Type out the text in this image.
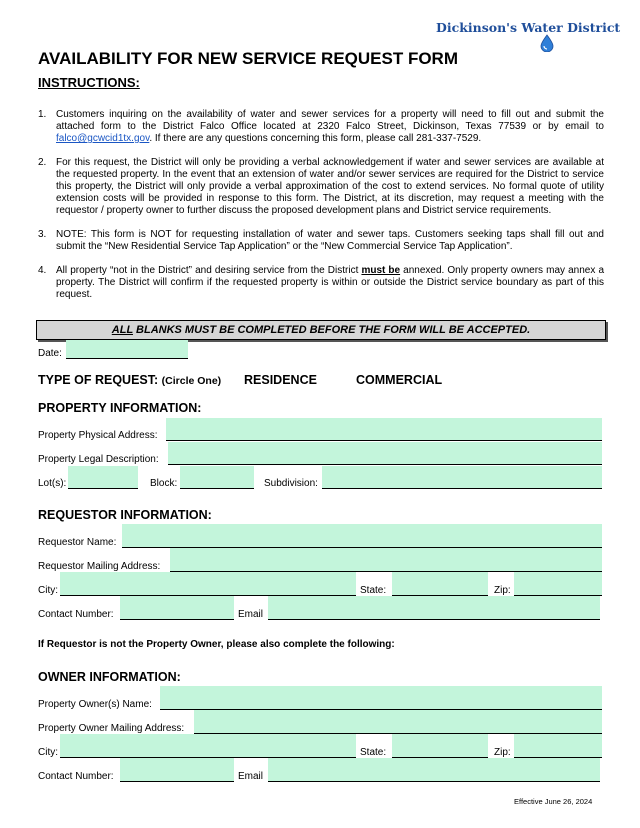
Dickinson's Water District
AVAILABILITY FOR NEW SERVICE REQUEST FORM
INSTRUCTIONS:
1. Customers inquiring on the availability of water and sewer services for a property will need to fill out and submit the attached form to the District Falco Office located at 2320 Falco Street, Dickinson, Texas 77539 or by email to falco@gcwcid1tx.gov. If there are any questions concerning this form, please call 281-337-7529.
2. For this request, the District will only be providing a verbal acknowledgement if water and sewer services are available at the requested property. In the event that an extension of water and/or sewer services are required for the District to service this property, the District will only provide a verbal approximation of the cost to extend services. No formal quote of utility extension costs will be provided in response to this form. The District, at its discretion, may request a meeting with the requestor / property owner to further discuss the proposed development plans and District service requirements.
3. NOTE: This form is NOT for requesting installation of water and sewer taps. Customers seeking taps shall fill out and submit the “New Residential Service Tap Application” or the “New Commercial Service Tap Application”.
4. All property “not in the District” and desiring service from the District must be annexed. Only property owners may annex a property. The District will confirm if the requested property is within or outside the District service boundary as part of this request.
ALL BLANKS MUST BE COMPLETED BEFORE THE FORM WILL BE ACCEPTED.
Date:
TYPE OF REQUEST: (Circle One) RESIDENCE	COMMERCIAL
PROPERTY INFORMATION:
Property Physical Address:
Property Legal Description:
Lot(s):	Block:	Subdivision:
REQUESTOR INFORMATION:
Requestor Name:
Requestor Mailing Address:
City:	State:	Zip:
Contact Number:	Email
If Requestor is not the Property Owner, please also complete the following:
OWNER INFORMATION:
Property Owner(s) Name:
Property Owner Mailing Address:
City:	State:	Zip:
Contact Number:	Email
Effective June 26, 2024
